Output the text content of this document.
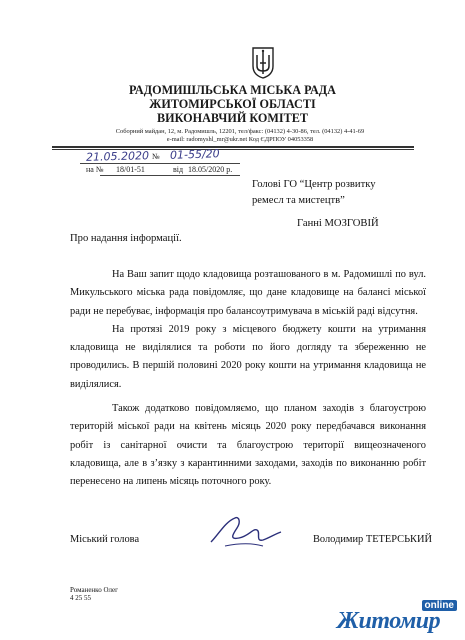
РАДОМИШЛЬСЬКА МІСЬКА РАДА
ЖИТОМИРСЬКОЇ ОБЛАСТІ
ВИКОНАВЧИЙ КОМІТЕТ
Соборний майдан, 12, м. Радомишль, 12201, тел/факс: (04132) 4-30-86, тел. (04132) 4-41-69
e-mail: radomyshl_mr@ukr.net Код ЄДРПОУ 04053358
21.05.2020 № 01-55/20
на № 18/01-51	від 18.05/2020 р.
Голові ГО “Центр розвитку
ремесл та мистецтв”
Ганні МОЗГОВІЙ
Про надання інформації.

На Ваш запит щодо кладовища розташованого в м. Радомишлі по вул. Микульського міська рада повідомляє, що дане кладовище на балансі міської ради не перебуває, інформація про балансоутримувача в міській раді відсутня.

На протязі 2019 року з місцевого бюджету кошти на утримання кладовища не виділялися та роботи по його догляду та збереженню не проводились. В першій половині 2020 року кошти на утримання кладовища не виділялися.

Також додатково повідомляємо, що планом заходів з благоустрою територій міської ради на квітень місяць 2020 року передбачався виконання робіт із санітарної очисти та благоустрою території вищеозначеного кладовища, але в з’язку з карантинними заходами, заходів по виконанню робіт перенесено на липень місяць поточного року.

Міський голова	Володимир ТЕТЕРСЬКИЙ
Романенко Олег
4 25 55
online
Житомир
